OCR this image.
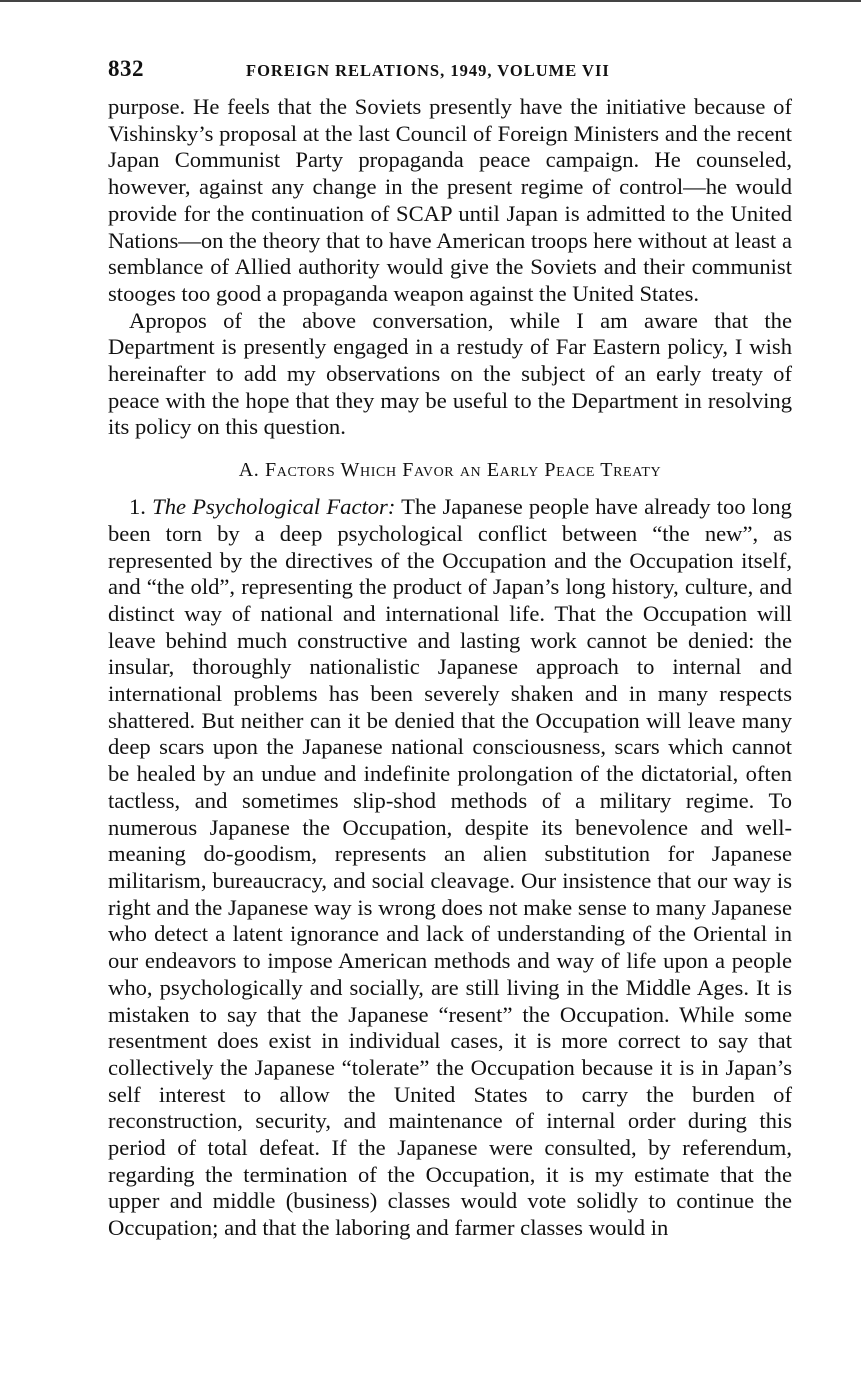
832	FOREIGN RELATIONS, 1949, VOLUME VII

purpose. He feels that the Soviets presently have the initiative because of Vishinsky’s proposal at the last Council of Foreign Ministers and the recent Japan Communist Party propaganda peace campaign. He counseled, however, against any change in the present regime of control—he would provide for the continuation of SCAP until Japan is admitted to the United Nations—on the theory that to have American troops here without at least a semblance of Allied authority would give the Soviets and their communist stooges too good a propaganda weapon against the United States.

Apropos of the above conversation, while I am aware that the Department is presently engaged in a restudy of Far Eastern policy, I wish hereinafter to add my observations on the subject of an early treaty of peace with the hope that they may be useful to the Department in resolving its policy on this question.

A. Factors Which Favor an Early Peace Treaty

1. The Psychological Factor: The Japanese people have already too long been torn by a deep psychological conflict between “the new”, as represented by the directives of the Occupation and the Occupation itself, and “the old”, representing the product of Japan’s long history, culture, and distinct way of national and international life. That the Occupation will leave behind much constructive and lasting work cannot be denied: the insular, thoroughly nationalistic Japanese approach to internal and international problems has been severely shaken and in many respects shattered. But neither can it be denied that the Occupation will leave many deep scars upon the Japanese national consciousness, scars which cannot be healed by an undue and indefinite prolongation of the dictatorial, often tactless, and sometimes slip-shod methods of a military regime. To numerous Japanese the Occupation, despite its benevolence and well-meaning do-goodism, represents an alien substitution for Japanese militarism, bureaucracy, and social cleavage. Our insistence that our way is right and the Japanese way is wrong does not make sense to many Japanese who detect a latent ignorance and lack of understanding of the Oriental in our endeavors to impose American methods and way of life upon a people who, psychologically and socially, are still living in the Middle Ages. It is mistaken to say that the Japanese “resent” the Occupation. While some resentment does exist in individual cases, it is more correct to say that collectively the Japanese “tolerate” the Occupation because it is in Japan’s self interest to allow the United States to carry the burden of reconstruction, security, and maintenance of internal order during this period of total defeat. If the Japanese were consulted, by referendum, regarding the termination of the Occupation, it is my estimate that the upper and middle (business) classes would vote solidly to continue the Occupation; and that the laboring and farmer classes would in
